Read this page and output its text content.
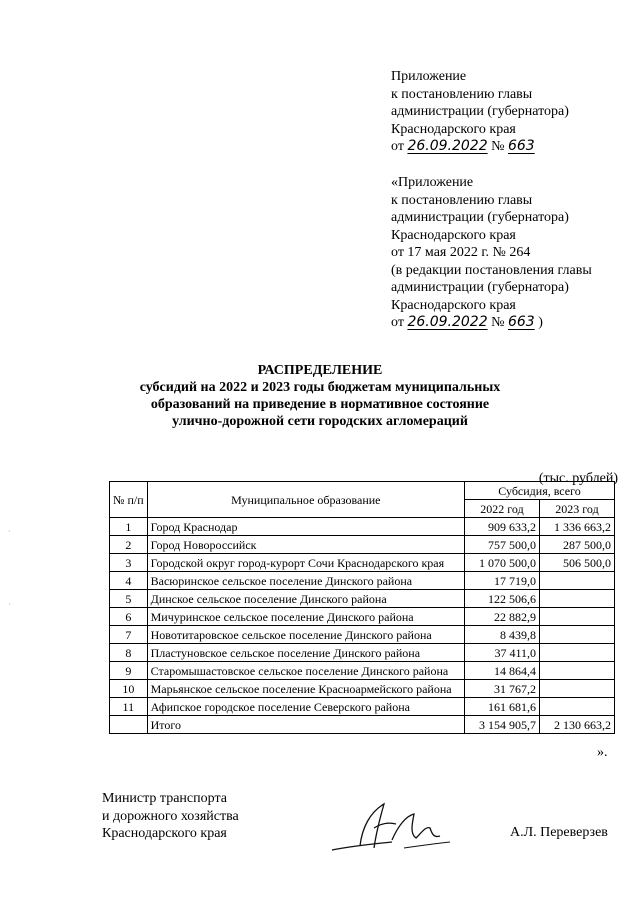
Приложение
к постановлению главы
администрации (губернатора)
Краснодарского края
от 26.09.2022 № 663
«Приложение
к постановлению главы
администрации (губернатора)
Краснодарского края
от 17 мая 2022 г. № 264
(в редакции постановления главы
администрации (губернатора)
Краснодарского края
от 26.09.2022 № 663 )
РАСПРЕДЕЛЕНИЕ
субсидий на 2022 и 2023 годы бюджетам муниципальных
образований на приведение в нормативное состояние
улично-дорожной сети городских агломераций
(тыс. рублей)
№ п/п	Муниципальное образование	Субсидия, всего	
		2022 год	2023 год
1	Город Краснодар	909 633,2	1 336 663,2
2	Город Новороссийск	757 500,0	287 500,0
3	Городской округ город-курорт Сочи Краснодарского края	1 070 500,0	506 500,0
4	Васюринское сельское поселение Динского района	17 719,0	
5	Динское сельское поселение Динского района	122 506,6	
6	Мичуринское сельское поселение Динского района	22 882,9	
7	Новотитаровское сельское поселение Динского района	8 439,8	
8	Пластуновское сельское поселение Динского района	37 411,0	
9	Старомышастовское сельское поселение Динского района	14 864,4	
10	Марьянское сельское поселение Красноармейского района	31 767,2	
11	Афипское городское поселение Северского района	161 681,6	
	Итого	3 154 905,7	2 130 663,2
».
Министр транспорта
и дорожного хозяйства
Краснодарского края	А.Л. Переверзев
·
·
